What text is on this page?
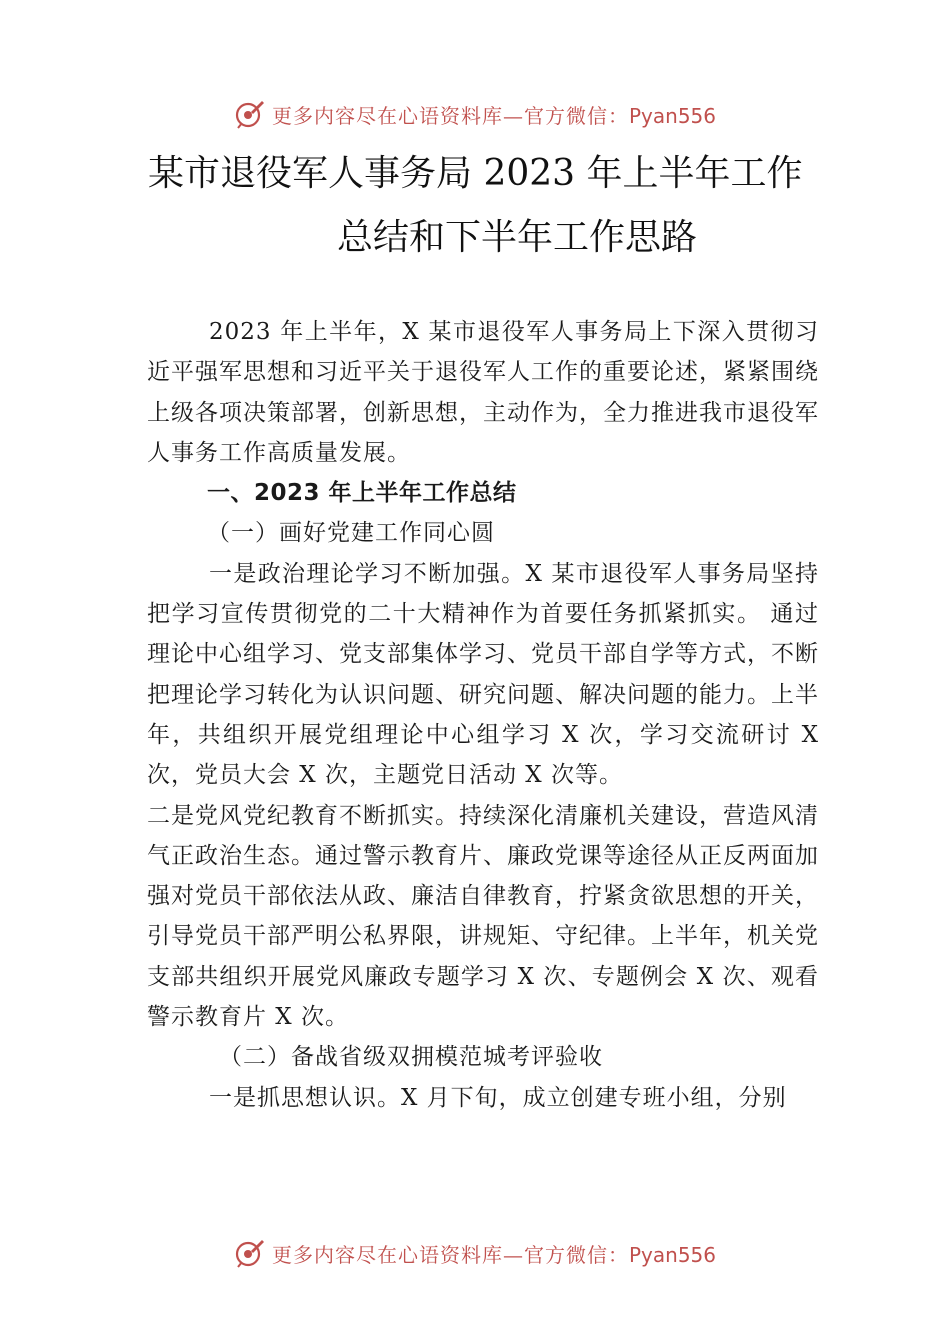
更多内容尽在心语资料库—官方微信：Pyan556
某市退役军人事务局 2023 年上半年工作
总结和下半年工作思路

2023 年上半年，X 某市退役军人事务局上下深入贯彻习近平强军思想和习近平关于退役军人工作的重要论述，紧紧围绕上级各项决策部署，创新思想，主动作为，全力推进我市退役军人事务工作高质量发展。

一、2023 年上半年工作总结

（一）画好党建工作同心圆

一是政治理论学习不断加强。X 某市退役军人事务局坚持把学习宣传贯彻党的二十大精神作为首要任务抓紧抓实。 通过理论中心组学习、党支部集体学习、党员干部自学等方式，不断把理论学习转化为认识问题、研究问题、解决问题的能力。上半年，共组织开展党组理论中心组学习 X 次，学习交流研讨 X 次，党员大会 X 次，主题党日活动 X 次等。

二是党风党纪教育不断抓实。持续深化清廉机关建设，营造风清气正政治生态。通过警示教育片、廉政党课等途径从正反两面加强对党员干部依法从政、廉洁自律教育，拧紧贪欲思想的开关，引导党员干部严明公私界限，讲规矩、守纪律。上半年，机关党支部共组织开展党风廉政专题学习 X 次、专题例会 X 次、观看警示教育片 X 次。

（二）备战省级双拥模范城考评验收

一是抓思想认识。X 月下旬，成立创建专班小组，分别

更多内容尽在心语资料库—官方微信：Pyan556
